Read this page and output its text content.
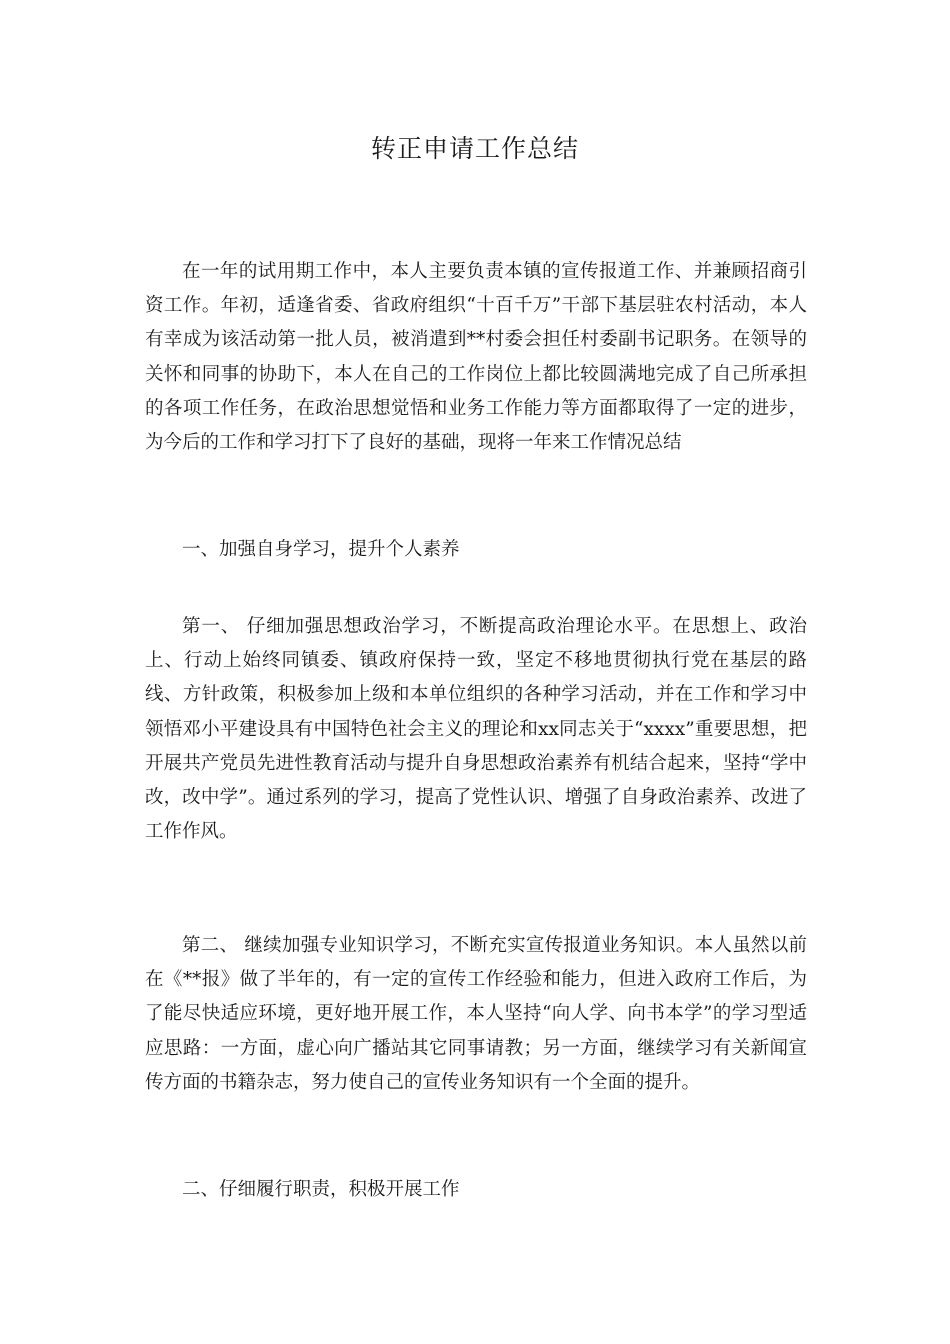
转正申请工作总结

在一年的试用期工作中，本人主要负责本镇的宣传报道工作、并兼顾招商引资工作。年初，适逢省委、省政府组织“十百千万”干部下基层驻农村活动，本人有幸成为该活动第一批人员，被消遣到**村委会担任村委副书记职务。在领导的关怀和同事的协助下，本人在自己的工作岗位上都比较圆满地完成了自己所承担的各项工作任务，在政治思想觉悟和业务工作能力等方面都取得了一定的进步，为今后的工作和学习打下了良好的基础，现将一年来工作情况总结

一、加强自身学习，提升个人素养

第一、 仔细加强思想政治学习，不断提高政治理论水平。在思想上、政治上、行动上始终同镇委、镇政府保持一致，坚定不移地贯彻执行党在基层的路线、方针政策，积极参加上级和本单位组织的各种学习活动，并在工作和学习中领悟邓小平建设具有中国特色社会主义的理论和xx同志关于“xxxx”重要思想，把开展共产党员先进性教育活动与提升自身思想政治素养有机结合起来，坚持“学中改，改中学”。通过系列的学习，提高了党性认识、增强了自身政治素养、改进了工作作风。

第二、 继续加强专业知识学习，不断充实宣传报道业务知识。本人虽然以前在《**报》做了半年的，有一定的宣传工作经验和能力，但进入政府工作后，为了能尽快适应环境，更好地开展工作，本人坚持“向人学、向书本学”的学习型适应思路：一方面，虚心向广播站其它同事请教；另一方面，继续学习有关新闻宣传方面的书籍杂志，努力使自己的宣传业务知识有一个全面的提升。

二、仔细履行职责，积极开展工作
